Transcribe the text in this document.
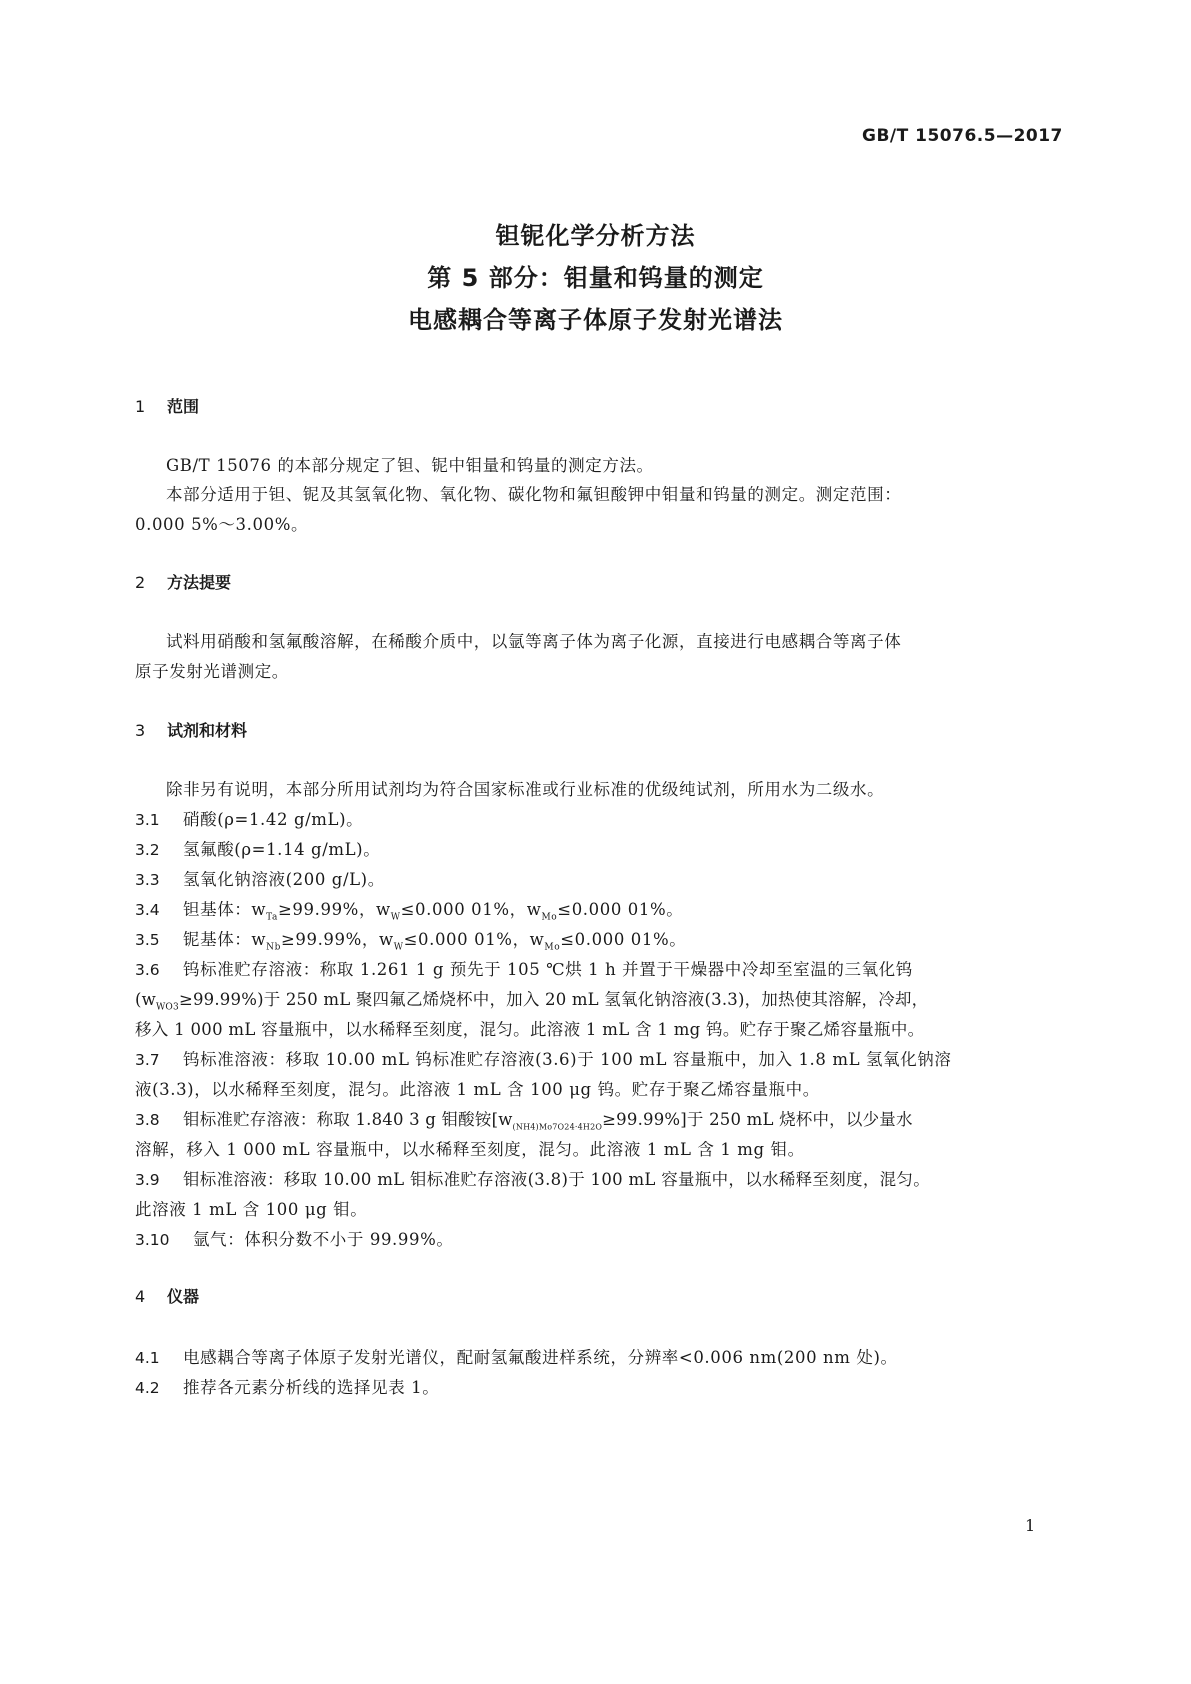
GB/T 15076.5—2017
钽铌化学分析方法
第 5 部分：钼量和钨量的测定
电感耦合等离子体原子发射光谱法
1 范围
GB/T 15076 的本部分规定了钽、铌中钼量和钨量的测定方法。
本部分适用于钽、铌及其氢氧化物、氧化物、碳化物和氟钽酸钾中钼量和钨量的测定。测定范围：
0.000 5%～3.00%。
2 方法提要
试料用硝酸和氢氟酸溶解，在稀酸介质中，以氩等离子体为离子化源，直接进行电感耦合等离子体
原子发射光谱测定。
3 试剂和材料
除非另有说明，本部分所用试剂均为符合国家标准或行业标准的优级纯试剂，所用水为二级水。
3.1 硝酸(ρ=1.42 g/mL)。
3.2 氢氟酸(ρ=1.14 g/mL)。
3.3 氢氧化钠溶液(200 g/L)。
3.4 钽基体：$w_{Ta}\ge 99.99\%$，$w_W\le 0.000$ 01%，$w_{Mo}\le 0.000$ 01%。
3.5 铌基体：$w_{Nb}\ge 99.99\%$，$w_W\le 0.000$ 01%，$w_{Mo}\le 0.000$ 01%。
3.6 钨标准贮存溶液：称取 1.261 1 g 预先于 105 ℃烘 1 h 并置于干燥器中冷却至室温的三氧化钨
$(w_{WO3}\ge 99.99\%)$于 250 mL 聚四氟乙烯烧杯中，加入 20 mL 氢氧化钠溶液(3.3)，加热使其溶解，冷却，
移入 1 000 mL 容量瓶中，以水稀释至刻度，混匀。此溶液 1 mL 含 1 mg 钨。贮存于聚乙烯容量瓶中。
3.7 钨标准溶液：移取 10.00 mL 钨标准贮存溶液(3.6)于 100 mL 容量瓶中，加入 1.8 mL 氢氧化钠溶
液(3.3)，以水稀释至刻度，混匀。此溶液 1 mL 含 100 μg 钨。贮存于聚乙烯容量瓶中。
3.8 钼标准贮存溶液：称取 1.840 3 g 钼酸铵$[w_{(NH4)Mo7O24\cdot 4H2O}\ge 99.99\%]$于 250 mL 烧杯中，以少量水
溶解，移入 1 000 mL 容量瓶中，以水稀释至刻度，混匀。此溶液 1 mL 含 1 mg 钼。
3.9 钼标准溶液：移取 10.00 mL 钼标准贮存溶液(3.8)于 100 mL 容量瓶中，以水稀释至刻度，混匀。
此溶液 1 mL 含 100 μg 钼。
3.10 氩气：体积分数不小于 99.99%。
4 仪器
4.1 电感耦合等离子体原子发射光谱仪，配耐氢氟酸进样系统，分辨率<0.006 nm(200 nm 处)。
4.2 推荐各元素分析线的选择见表 1。
1
